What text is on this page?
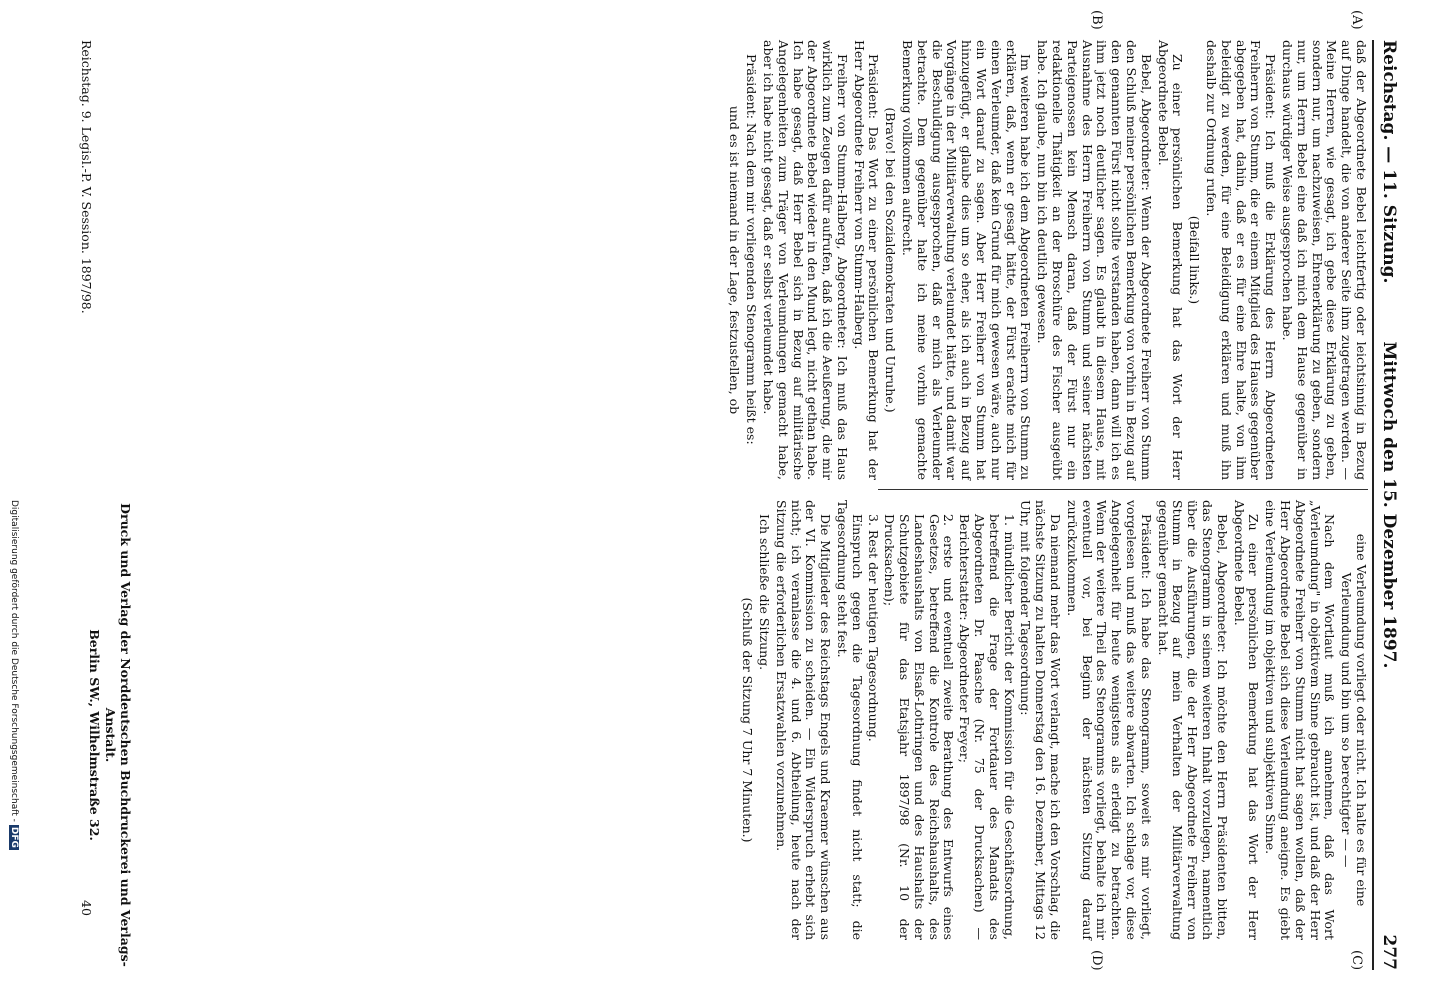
Reichstag. — 11. Sitzung.
Mittwoch den 15. Dezember 1897.
277
(A)
(B)
(C)
(D)

daß der Abgeordnete Bebel leichtfertig oder leichtsinnig in Bezug auf Dinge handelt, die von anderer Seite ihm zugetragen werden. — Meine Herren, wie gesagt, ich gebe diese Erklärung zu geben, sondern nur, um nachzuweisen, Ehrenerklärung zu geben, sondern nur, um Herrn Bebel eine daß ich mich dem Hause gegenüber in durchaus würdiger Weise ausgesprochen habe.

Präsident: Ich muß die Erklärung des Herrn Abgeordneten Freiherrn von Stumm, die er einem Mitglied des Hauses gegenüber abgegeben hat, dahin, daß er es für eine Ehre halte, von ihm beleidigt zu werden, für eine Beleidigung erklären und muß ihn deshalb zur Ordnung rufen.

(Beifall links.)

Zu einer persönlichen Bemerkung hat das Wort der Herr Abgeordnete Bebel.

Bebel, Abgeordneter: Wenn der Abgeordnete Freiherr von Stumm den Schluß meiner persönlichen Bemerkung von vorhin in Bezug auf den genannten Fürst nicht sollte verstanden haben, dann will ich es ihm jetzt noch deutlicher sagen. Es glaubt in diesem Hause, mit Ausnahme des Herrn Freiherrn von Stumm und seiner nächsten Parteigenossen kein Mensch daran, daß der Fürst nur ein redaktionelle Thätigkeit an der Broschüre des Fischer ausgeübt habe. Ich glaube, nun bin ich deutlich gewesen.

Im weiteren habe ich dem Abgeordneten Freiherrn von Stumm zu erklären, daß, wenn er gesagt hätte, der Fürst erachte mich für einen Verleumder, daß kein Grund für mich gewesen wäre, auch nur ein Wort darauf zu sagen. Aber Herr Freiherr von Stumm hat hinzugefügt, er glaube dies um so eher, als ich auch in Bezug auf Vorgänge in der Militärverwaltung verleumdet hätte, und damit war die Beschuldigung ausgesprochen, daß er mich als Verleumder betrachte. Dem gegenüber halte ich meine vorhin gemachte Bemerkung vollkommen aufrecht.

(Bravo! bei den Sozialdemokraten und Unruhe.)

Präsident: Das Wort zu einer persönlichen Bemerkung hat der Herr Abgeordnete Freiherr von Stumm-Halberg.

Freiherr von Stumm-Halberg, Abgeordneter: Ich muß das Haus wirklich zum Zeugen dafür aufrufen, daß ich die Aeußerung, die mir der Abgeordnete Bebel wieder in den Mund legt, nicht gethan habe. Ich habe gesagt, daß Herr Bebel sich in Bezug auf militärische Angelegenheiten zum Träger von Verleumdungen gemacht habe, aber ich habe nicht gesagt, daß er selbst verleumdet habe.

Präsident: Nach dem mir vorliegenden Stenogramm heißt es:

und es ist niemand in der Lage, festzustellen, ob

eine Verleumdung vorliegt oder nicht. Ich halte es für eine Verleumdung und bin um so berechtigter — —

Nach dem Wortlaut muß ich annehmen, daß das Wort „Verleumdung" in objektivem Sinne gebraucht ist, und daß der Herr Abgeordnete Freiherr von Stumm nicht hat sagen wollen, daß der Herr Abgeordnete Bebel sich diese Verleumdung aneigne. Es giebt eine Verleumdung im objektiven und subjektiven Sinne.

Zu einer persönlichen Bemerkung hat das Wort der Herr Abgeordnete Bebel.

Bebel, Abgeordneter: Ich möchte den Herrn Präsidenten bitten, das Stenogramm in seinem weiteren Inhalt vorzulegen, namentlich über die Ausführungen, die der Herr Abgeordnete Freiherr von Stumm in Bezug auf mein Verhalten der Militärverwaltung gegenüber gemacht hat.

Präsident: Ich habe das Stenogramm, soweit es mir vorliegt, vorgelesen und muß das weitere abwarten. Ich schlage vor, diese Angelegenheit für heute wenigstens als erledigt zu betrachten. Wenn der weitere Theil des Stenogramms vorliegt, behalte ich mir eventuell vor, bei Beginn der nächsten Sitzung darauf zurückzukommen.

Da niemand mehr das Wort verlangt, mache ich den Vorschlag, die nächste Sitzung zu halten Donnerstag den 16. Dezember, Mittags 12 Uhr, mit folgender Tagesordnung:

1. mündlicher Bericht der Kommission für die Geschäftsordnung, betreffend die Frage der Fortdauer des Mandats des Abgeordneten Dr. Paasche (Nr. 75 der Drucksachen) — Berichterstatter: Abgeordneter Freyer;
2. erste und eventuell zweite Berathung des Entwurfs eines Gesetzes, betreffend die Kontrole des Reichshaushalts, des Landeshaushalts von Elsaß-Lothringen und des Haushalts der Schutzgebiete für das Etatsjahr 1897/98 (Nr. 10 der Drucksachen);
3. Rest der heutigen Tagesordnung.

Einspruch gegen die Tagesordnung findet nicht statt; die Tagesordnung steht fest.

Die Mitglieder des Reichstags Engels und Kraemer wünschen aus der VI. Kommission zu scheiden. — Ein Widerspruch erhebt sich nicht; ich veranlasse die 4. und 6. Abtheilung, heute nach der Sitzung die erforderlichen Ersatzwahlen vorzunehmen.

Ich schließe die Sitzung.

(Schluß der Sitzung 7 Uhr 7 Minuten.)

Druck und Verlag der Norddeutschen Buchdruckerei und Verlags-Anstalt.
Berlin SW., Wilhelmstraße 32.
Reichstag. 9. Legisl.-P. V. Session. 1897/98.
40
Digitalisierung gefördert durch die Deutsche Forschungsgemeinschaft -DFG
